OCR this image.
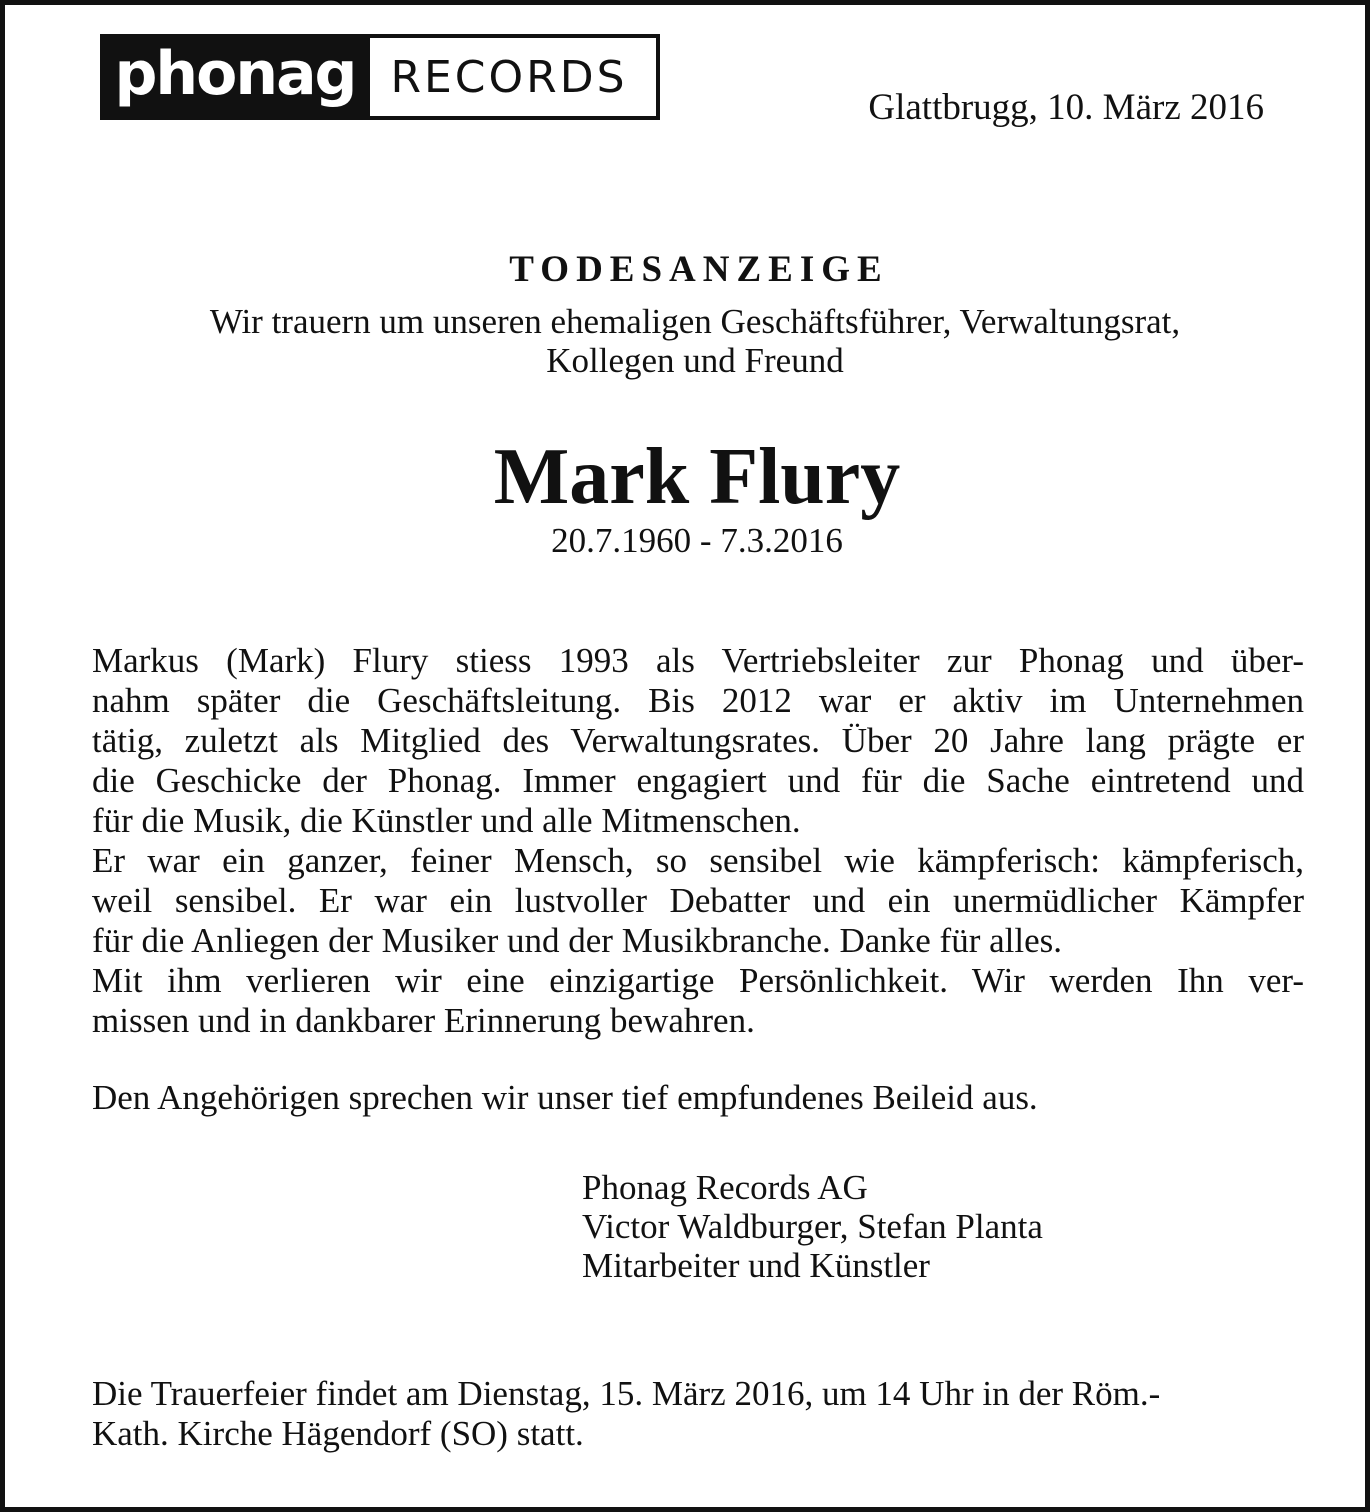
phonag RECORDS
Glattbrugg, 10. März 2016
TODESANZEIGE
Wir trauern um unseren ehemaligen Geschäftsführer, Verwaltungsrat,
Kollegen und Freund
Mark Flury
20.7.1960 - 7.3.2016
Markus (Mark) Flury stiess 1993 als Vertriebsleiter zur Phonag und über-
nahm später die Geschäftsleitung. Bis 2012 war er aktiv im Unternehmen
tätig, zuletzt als Mitglied des Verwaltungsrates. Über 20 Jahre lang prägte er
die Geschicke der Phonag. Immer engagiert und für die Sache eintretend und
für die Musik, die Künstler und alle Mitmenschen.
Er war ein ganzer, feiner Mensch, so sensibel wie kämpferisch: kämpferisch,
weil sensibel. Er war ein lustvoller Debatter und ein unermüdlicher Kämpfer
für die Anliegen der Musiker und der Musikbranche. Danke für alles.
Mit ihm verlieren wir eine einzigartige Persönlichkeit. Wir werden Ihn ver-
missen und in dankbarer Erinnerung bewahren.
Den Angehörigen sprechen wir unser tief empfundenes Beileid aus.
Phonag Records AG
Victor Waldburger, Stefan Planta
Mitarbeiter und Künstler
Die Trauerfeier findet am Dienstag, 15. März 2016, um 14 Uhr in der Röm.-
Kath. Kirche Hägendorf (SO) statt.
